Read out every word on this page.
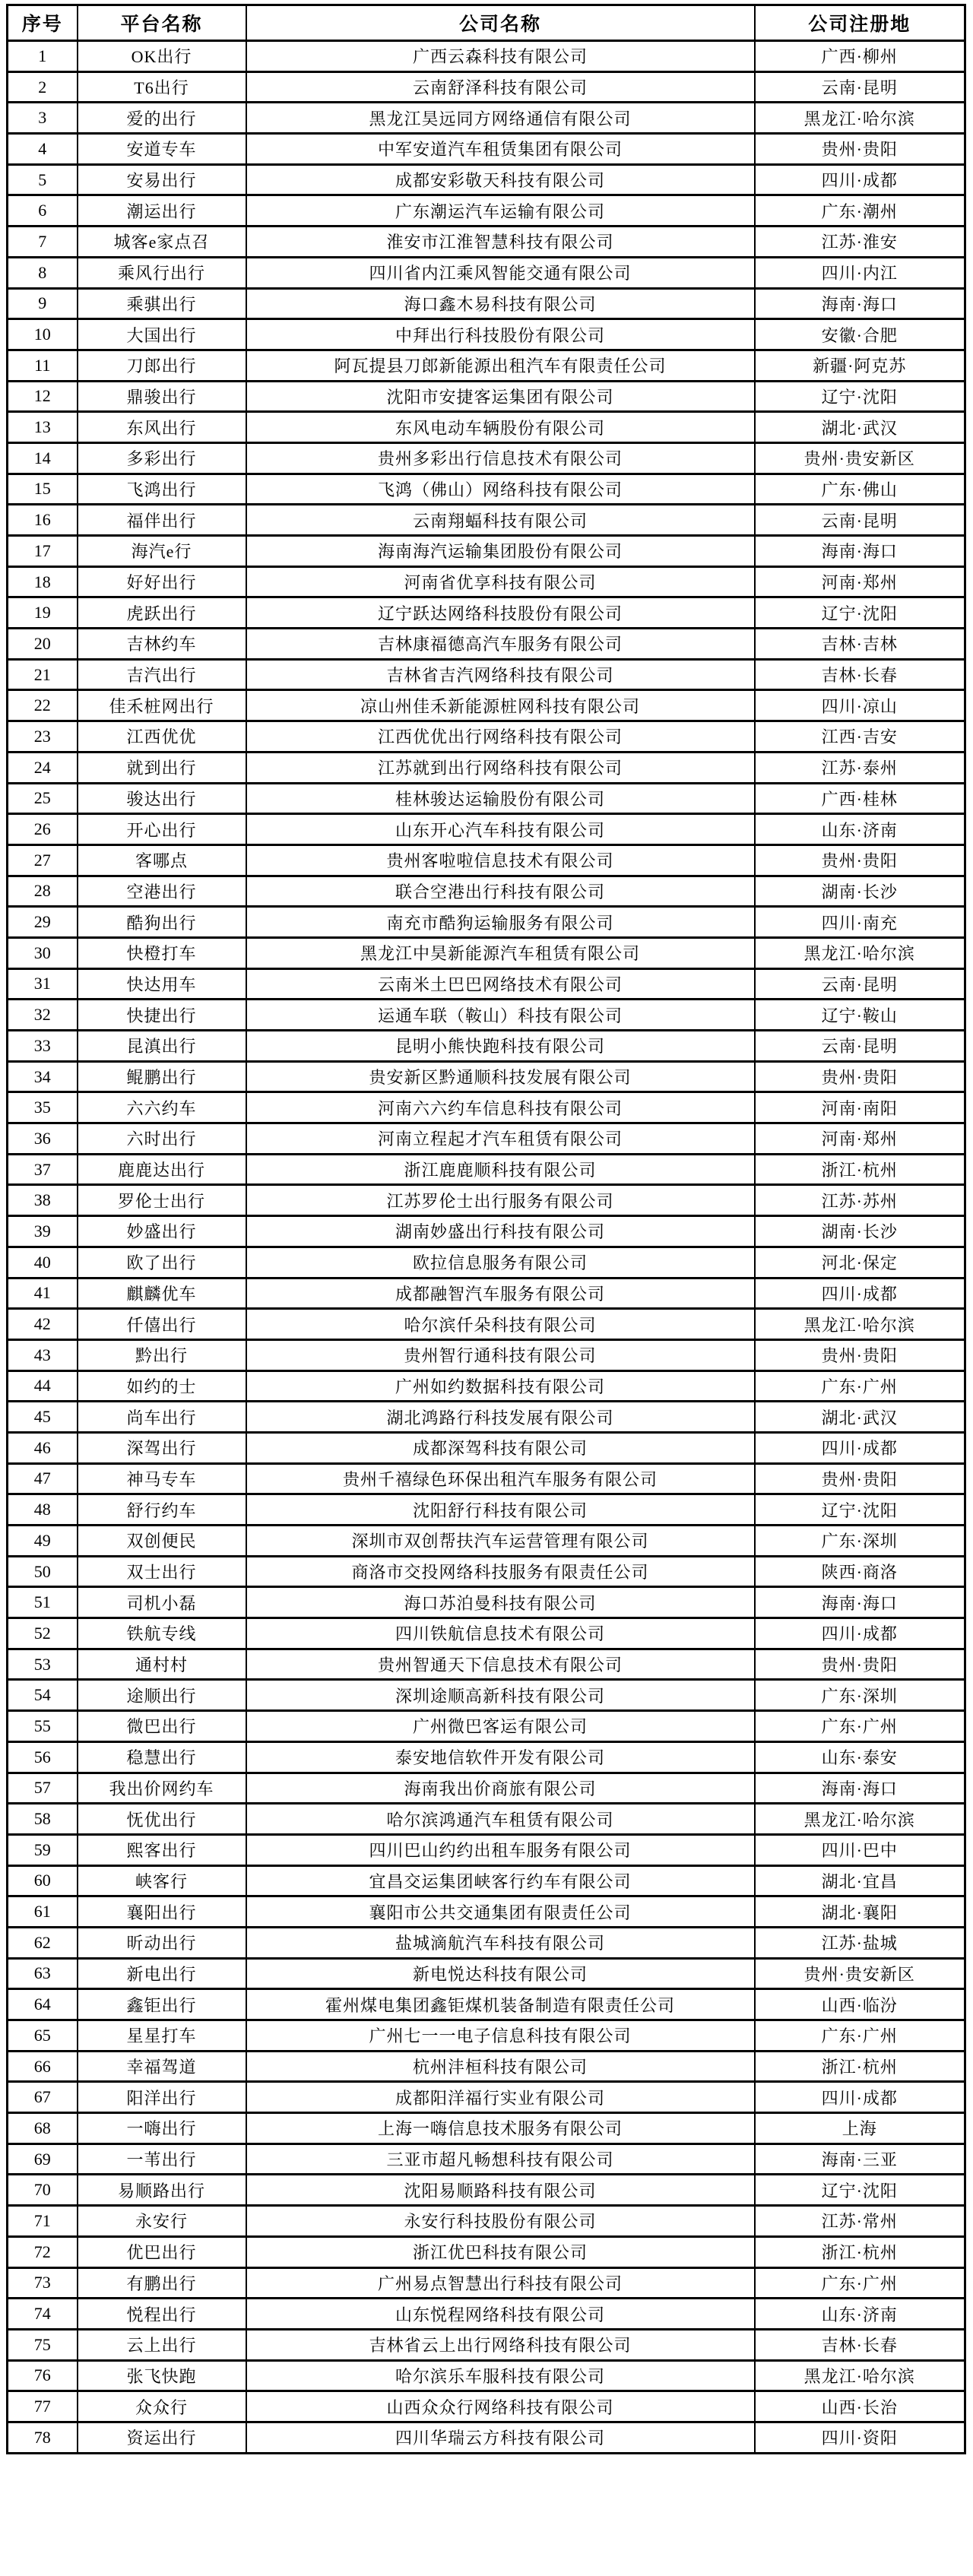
序号	平台名称	公司名称	公司注册地
1	OK出行	广西云森科技有限公司	广西·柳州
2	T6出行	云南舒泽科技有限公司	云南·昆明
3	爱的出行	黑龙江昊远同方网络通信有限公司	黑龙江·哈尔滨
4	安道专车	中军安道汽车租赁集团有限公司	贵州·贵阳
5	安易出行	成都安彩敬天科技有限公司	四川·成都
6	潮运出行	广东潮运汽车运输有限公司	广东·潮州
7	城客e家点召	淮安市江淮智慧科技有限公司	江苏·淮安
8	乘风行出行	四川省内江乘风智能交通有限公司	四川·内江
9	乘骐出行	海口鑫木易科技有限公司	海南·海口
10	大国出行	中拜出行科技股份有限公司	安徽·合肥
11	刀郎出行	阿瓦提县刀郎新能源出租汽车有限责任公司	新疆·阿克苏
12	鼎骏出行	沈阳市安捷客运集团有限公司	辽宁·沈阳
13	东风出行	东风电动车辆股份有限公司	湖北·武汉
14	多彩出行	贵州多彩出行信息技术有限公司	贵州·贵安新区
15	飞鸿出行	飞鸿（佛山）网络科技有限公司	广东·佛山
16	福伴出行	云南翔蝠科技有限公司	云南·昆明
17	海汽e行	海南海汽运输集团股份有限公司	海南·海口
18	好好出行	河南省优享科技有限公司	河南·郑州
19	虎跃出行	辽宁跃达网络科技股份有限公司	辽宁·沈阳
20	吉林约车	吉林康福德高汽车服务有限公司	吉林·吉林
21	吉汽出行	吉林省吉汽网络科技有限公司	吉林·长春
22	佳禾桩网出行	凉山州佳禾新能源桩网科技有限公司	四川·凉山
23	江西优优	江西优优出行网络科技有限公司	江西·吉安
24	就到出行	江苏就到出行网络科技有限公司	江苏·泰州
25	骏达出行	桂林骏达运输股份有限公司	广西·桂林
26	开心出行	山东开心汽车科技有限公司	山东·济南
27	客哪点	贵州客啦啦信息技术有限公司	贵州·贵阳
28	空港出行	联合空港出行科技有限公司	湖南·长沙
29	酷狗出行	南充市酷狗运输服务有限公司	四川·南充
30	快橙打车	黑龙江中昊新能源汽车租赁有限公司	黑龙江·哈尔滨
31	快达用车	云南米土巴巴网络技术有限公司	云南·昆明
32	快捷出行	运通车联（鞍山）科技有限公司	辽宁·鞍山
33	昆滇出行	昆明小熊快跑科技有限公司	云南·昆明
34	鲲鹏出行	贵安新区黔通顺科技发展有限公司	贵州·贵阳
35	六六约车	河南六六约车信息科技有限公司	河南·南阳
36	六时出行	河南立程起才汽车租赁有限公司	河南·郑州
37	鹿鹿达出行	浙江鹿鹿顺科技有限公司	浙江·杭州
38	罗伦士出行	江苏罗伦士出行服务有限公司	江苏·苏州
39	妙盛出行	湖南妙盛出行科技有限公司	湖南·长沙
40	欧了出行	欧拉信息服务有限公司	河北·保定
41	麒麟优车	成都融智汽车服务有限公司	四川·成都
42	仟僖出行	哈尔滨仟朵科技有限公司	黑龙江·哈尔滨
43	黔出行	贵州智行通科技有限公司	贵州·贵阳
44	如约的士	广州如约数据科技有限公司	广东·广州
45	尚车出行	湖北鸿路行科技发展有限公司	湖北·武汉
46	深驾出行	成都深驾科技有限公司	四川·成都
47	神马专车	贵州千禧绿色环保出租汽车服务有限公司	贵州·贵阳
48	舒行约车	沈阳舒行科技有限公司	辽宁·沈阳
49	双创便民	深圳市双创帮扶汽车运营管理有限公司	广东·深圳
50	双士出行	商洛市交投网络科技服务有限责任公司	陕西·商洛
51	司机小磊	海口苏泊曼科技有限公司	海南·海口
52	铁航专线	四川铁航信息技术有限公司	四川·成都
53	通村村	贵州智通天下信息技术有限公司	贵州·贵阳
54	途顺出行	深圳途顺高新科技有限公司	广东·深圳
55	微巴出行	广州微巴客运有限公司	广东·广州
56	稳慧出行	泰安地信软件开发有限公司	山东·泰安
57	我出价网约车	海南我出价商旅有限公司	海南·海口
58	怃优出行	哈尔滨鸿通汽车租赁有限公司	黑龙江·哈尔滨
59	熙客出行	四川巴山约约出租车服务有限公司	四川·巴中
60	峡客行	宜昌交运集团峡客行约车有限公司	湖北·宜昌
61	襄阳出行	襄阳市公共交通集团有限责任公司	湖北·襄阳
62	昕动出行	盐城滴航汽车科技有限公司	江苏·盐城
63	新电出行	新电悦达科技有限公司	贵州·贵安新区
64	鑫钜出行	霍州煤电集团鑫钜煤机装备制造有限责任公司	山西·临汾
65	星星打车	广州七一一电子信息科技有限公司	广东·广州
66	幸福驾道	杭州沣桓科技有限公司	浙江·杭州
67	阳洋出行	成都阳洋福行实业有限公司	四川·成都
68	一嗨出行	上海一嗨信息技术服务有限公司	上海
69	一苇出行	三亚市超凡畅想科技有限公司	海南·三亚
70	易顺路出行	沈阳易顺路科技有限公司	辽宁·沈阳
71	永安行	永安行科技股份有限公司	江苏·常州
72	优巴出行	浙江优巴科技有限公司	浙江·杭州
73	有鹏出行	广州易点智慧出行科技有限公司	广东·广州
74	悦程出行	山东悦程网络科技有限公司	山东·济南
75	云上出行	吉林省云上出行网络科技有限公司	吉林·长春
76	张飞快跑	哈尔滨乐车服科技有限公司	黑龙江·哈尔滨
77	众众行	山西众众行网络科技有限公司	山西·长治
78	资运出行	四川华瑞云方科技有限公司	四川·资阳
